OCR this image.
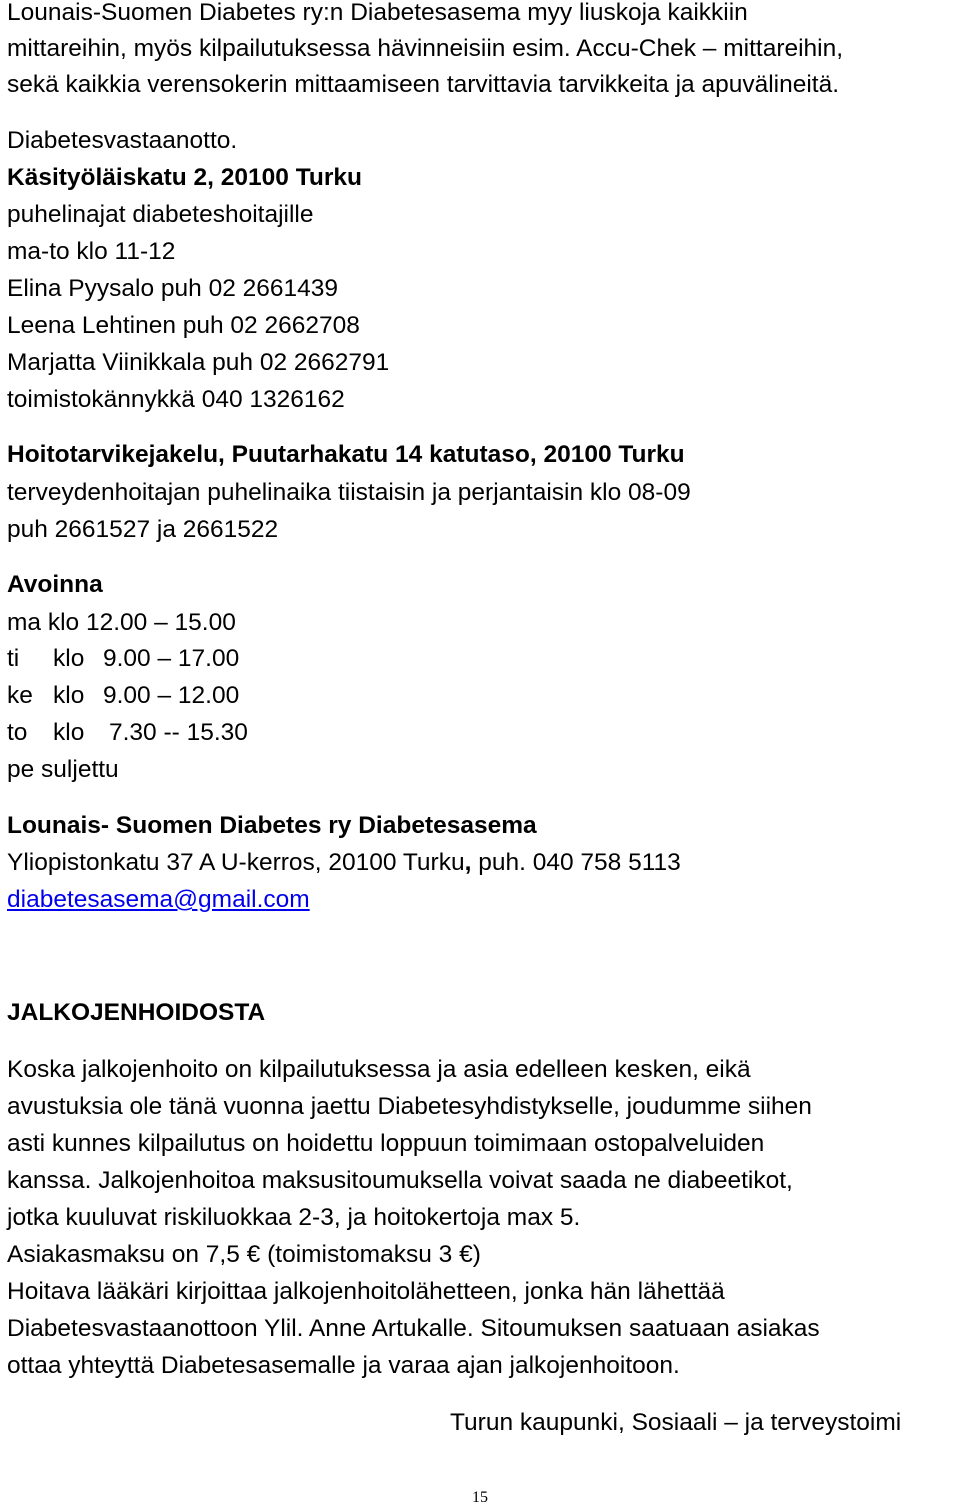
Lounais-Suomen Diabetes ry:n Diabetesasema myy liuskoja kaikkiin
mittareihin, myös kilpailutuksessa hävinneisiin esim. Accu-Chek – mittareihin,
sekä kaikkia verensokerin mittaamiseen tarvittavia tarvikkeita ja apuvälineitä.
Diabetesvastaanotto.
Käsityöläiskatu 2, 20100 Turku
puhelinajat diabeteshoitajille
ma-to klo 11-12
Elina Pyysalo puh 02 2661439
Leena Lehtinen puh 02 2662708
Marjatta Viinikkala puh 02 2662791
toimistokännykkä 040 1326162
Hoitotarvikejakelu, Puutarhakatu 14 katutaso, 20100 Turku
terveydenhoitajan puhelinaika tiistaisin ja perjantaisin klo 08-09
puh 2661527 ja 2661522
Avoinna
ma klo 12.00 – 15.00
ti klo 9.00 – 17.00
ke klo 9.00 – 12.00
to klo 7.30 -- 15.30
pe suljettu
Lounais- Suomen Diabetes ry Diabetesasema
Yliopistonkatu 37 A U-kerros, 20100 Turku, puh. 040 758 5113
diabetesasema@gmail.com
JALKOJENHOIDOSTA
Koska jalkojenhoito on kilpailutuksessa ja asia edelleen kesken, eikä
avustuksia ole tänä vuonna jaettu Diabetesyhdistykselle, joudumme siihen
asti kunnes kilpailutus on hoidettu loppuun toimimaan ostopalveluiden
kanssa. Jalkojenhoitoa maksusitoumuksella voivat saada ne diabeetikot,
jotka kuuluvat riskiluokkaa 2-3, ja hoitokertoja max 5.
Asiakasmaksu on 7,5 € (toimistomaksu 3 €)
Hoitava lääkäri kirjoittaa jalkojenhoitolähetteen, jonka hän lähettää
Diabetesvastaanottoon Ylil. Anne Artukalle. Sitoumuksen saatuaan asiakas
ottaa yhteyttä Diabetesasemalle ja varaa ajan jalkojenhoitoon.
Turun kaupunki, Sosiaali – ja terveystoimi
15
